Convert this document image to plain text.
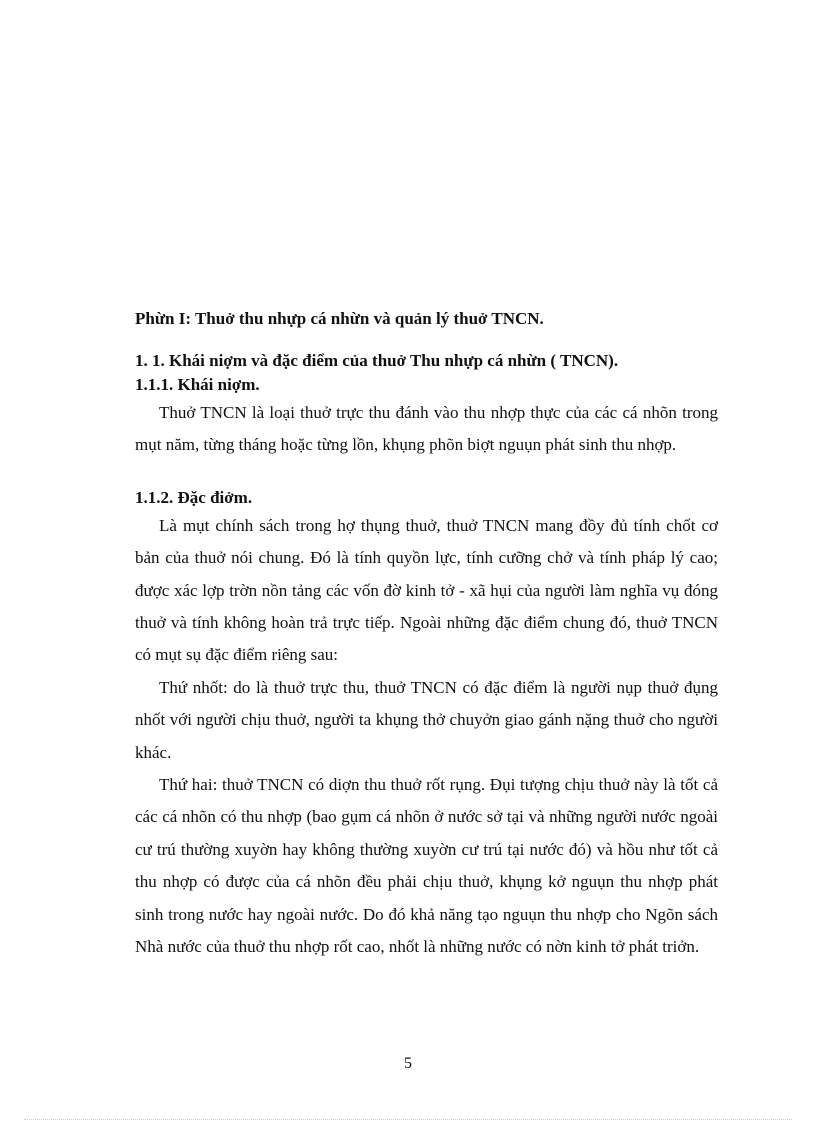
Phừn I: Thuở thu nhựp cá nhừn và quản lý thuở TNCN.

1. 1. Khái niợm và đặc điểm của thuở Thu nhựp cá nhừn ( TNCN).

1.1.1. Khái niợm.

Thuở TNCN là loại thuở trực thu đánh vào thu nhợp thực của các cá nhõn trong mụt năm, từng tháng hoặc từng lồn, khụng phõn biợt nguụn phát sinh thu nhợp.

1.1.2. Đặc điởm.

Là mụt chính sách trong hợ thụng thuở, thuở TNCN mang đồy đủ tính chốt cơ bản của thuở nói chung. Đó là tính quyồn lực, tính cưỡng chở và tính pháp lý cao; được xác lợp trờn nồn tảng các vốn đờ kinh tở - xã hụi của người làm nghĩa vụ đóng thuở và tính không hoàn trả trực tiếp. Ngoài những đặc điểm chung đó, thuở TNCN có mụt sụ đặc điểm riêng sau:

Thứ nhốt: do là thuở trực thu, thuở TNCN có đặc điểm là người nụp thuở đụng nhốt với người chịu thuở, người ta khụng thở chuyởn giao gánh nặng thuở cho người khác.

Thứ hai: thuở TNCN có diợn thu thuở rốt rụng. Đụi tượng chịu thuở này là tốt cả các cá nhõn có thu nhợp (bao gụm cá nhõn ở nước sở tại và những người nước ngoài cư trú thường xuyờn hay không thường xuyờn cư trú tại nước đó) và hồu như tốt cả thu nhợp có được của cá nhõn đều phải chịu thuở, khụng kở nguụn thu nhợp phát sinh trong nước hay ngoài nước. Do đó khả năng tạo nguụn thu nhợp cho Ngõn sách Nhà nước của thuở thu nhợp rốt cao, nhốt là những nước có nờn kinh tở phát triởn.

5
